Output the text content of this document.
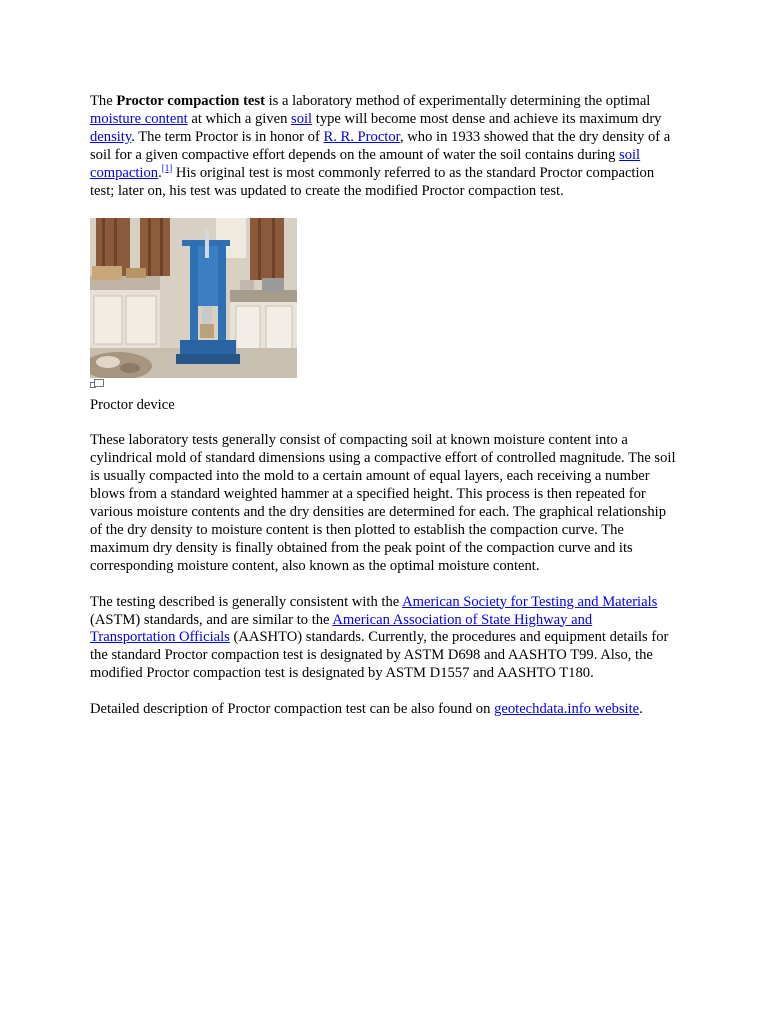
The Proctor compaction test is a laboratory method of experimentally determining the optimal moisture content at which a given soil type will become most dense and achieve its maximum dry density. The term Proctor is in honor of R. R. Proctor, who in 1933 showed that the dry density of a soil for a given compactive effort depends on the amount of water the soil contains during soil compaction.[1] His original test is most commonly referred to as the standard Proctor compaction test; later on, his test was updated to create the modified Proctor compaction test.

Proctor device

These laboratory tests generally consist of compacting soil at known moisture content into a cylindrical mold of standard dimensions using a compactive effort of controlled magnitude. The soil is usually compacted into the mold to a certain amount of equal layers, each receiving a number blows from a standard weighted hammer at a specified height. This process is then repeated for various moisture contents and the dry densities are determined for each. The graphical relationship of the dry density to moisture content is then plotted to establish the compaction curve. The maximum dry density is finally obtained from the peak point of the compaction curve and its corresponding moisture content, also known as the optimal moisture content.

The testing described is generally consistent with the American Society for Testing and Materials (ASTM) standards, and are similar to the American Association of State Highway and Transportation Officials (AASHTO) standards. Currently, the procedures and equipment details for the standard Proctor compaction test is designated by ASTM D698 and AASHTO T99. Also, the modified Proctor compaction test is designated by ASTM D1557 and AASHTO T180.

Detailed description of Proctor compaction test can be also found on geotechdata.info website.
